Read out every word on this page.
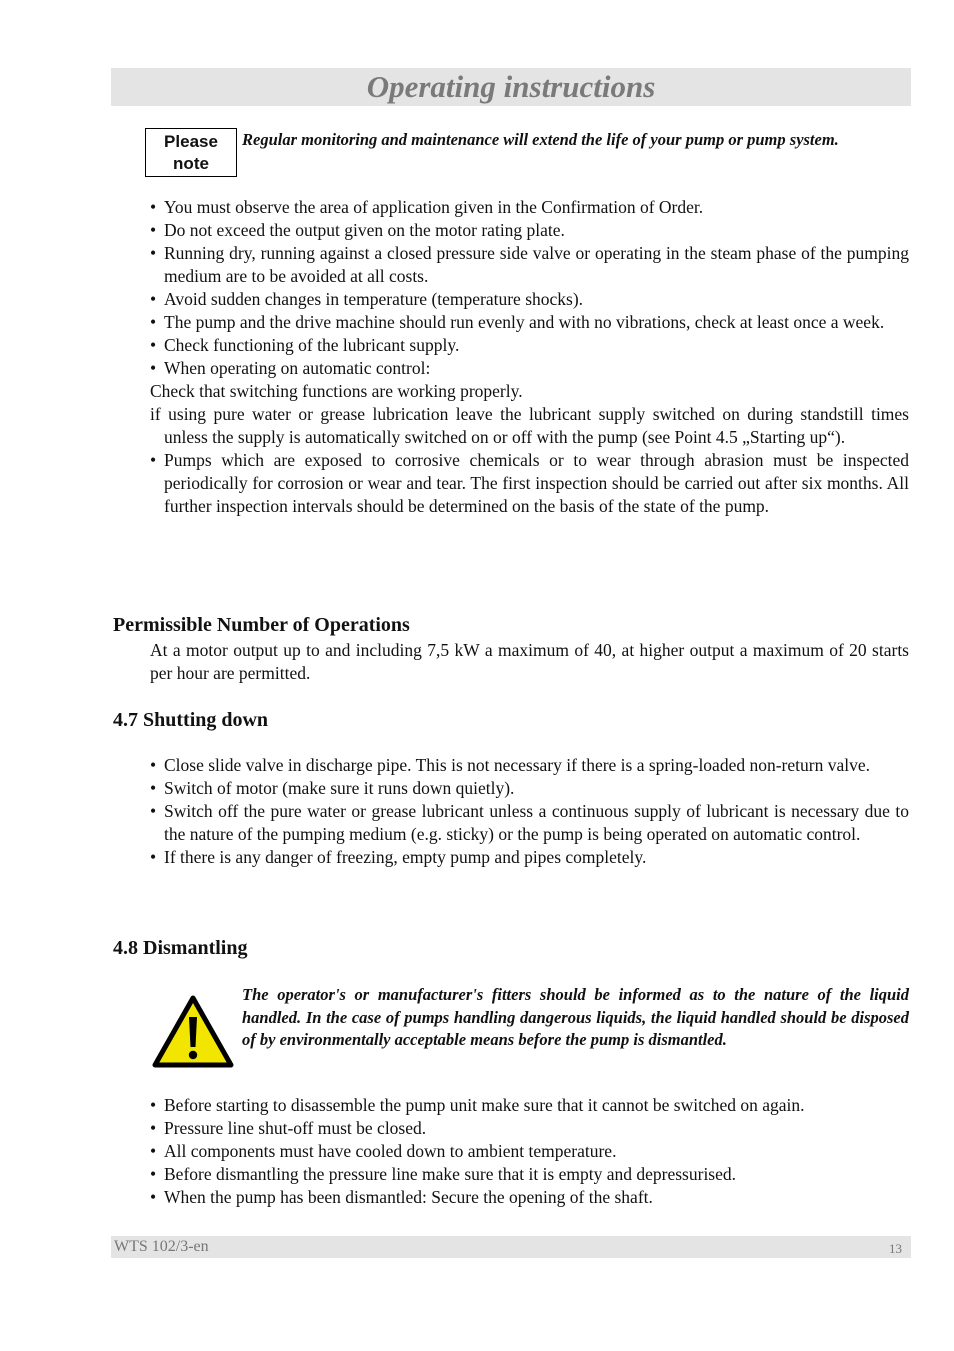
Operating instructions
Please
note
Regular monitoring and maintenance will extend the life of your pump or pump system.

• You must observe the area of application given in the Confirmation of Order.

• Do not exceed the output given on the motor rating plate.

• Running dry, running against a closed pressure side valve or operating in the steam phase of the pumping medium are to be avoided at all costs.

• Avoid sudden changes in temperature (temperature shocks).

• The pump and the drive machine should run evenly and with no vibrations, check at least once a week.

• Check functioning of the lubricant supply.

• When operating on automatic control:

Check that switching functions are working properly.

if using pure water or grease lubrication leave the lubricant supply switched on during standstill times unless the supply is automatically switched on or off with the pump (see Point 4.5 „Starting up“).

• Pumps which are exposed to corrosive chemicals or to wear through abrasion must be inspected periodically for corrosion or wear and tear. The first inspection should be carried out after six months. All further inspection intervals should be determined on the basis of the state of the pump.

Permissible Number of Operations
At a motor output up to and including 7,5 kW a maximum of 40, at higher output a maximum of 20 starts per hour are permitted.
4.7 Shutting down

• Close slide valve in discharge pipe. This is not necessary if there is a spring-loaded non-return valve.

• Switch of motor (make sure it runs down quietly).

• Switch off the pure water or grease lubricant unless a continuous supply of lubricant is necessary due to the nature of the pumping medium (e.g. sticky) or the pump is being operated on automatic control.

• If there is any danger of freezing, empty pump and pipes completely.

4.8 Dismantling
The operator's or manufacturer's fitters should be informed as to the nature of the liquid handled. In the case of pumps handling dangerous liquids, the liquid handled should be disposed of by environmentally acceptable means before the pump is dismantled.

• Before starting to disassemble the pump unit make sure that it cannot be switched on again.

• Pressure line shut-off must be closed.

• All components must have cooled down to ambient temperature.

• Before dismantling the pressure line make sure that it is empty and depressurised.

• When the pump has been dismantled: Secure the opening of the shaft.

WTS 102/3-en	13
